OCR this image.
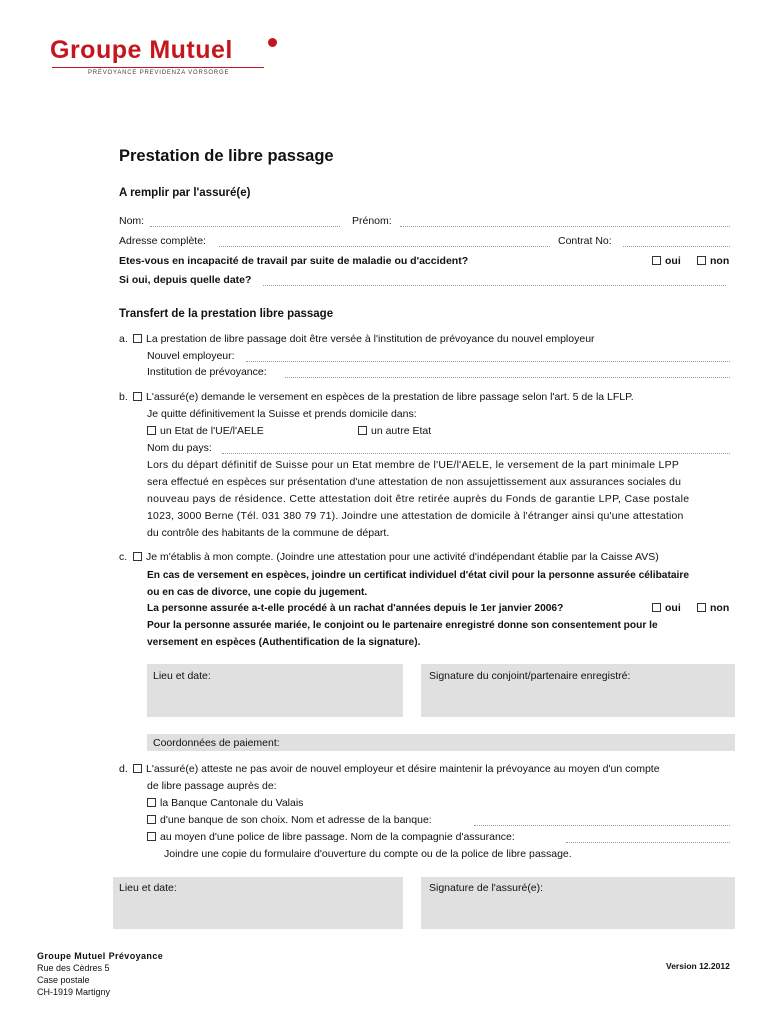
Groupe Mutuel
PRÉVOYANCE PREVIDENZA VORSORGE
Prestation de libre passage
A remplir par l'assuré(e)
Nom:	Prénom:
Adresse complète:	Contrat No:
Etes-vous en incapacité de travail par suite de maladie ou d'accident?	oui	non
Si oui, depuis quelle date?
Transfert de la prestation libre passage
a.	La prestation de libre passage doit être versée à l'institution de prévoyance du nouvel employeur
Nouvel employeur:
Institution de prévoyance:
b.	L'assuré(e) demande le versement en espèces de la prestation de libre passage selon l'art. 5 de la LFLP.
Je quitte définitivement la Suisse et prends domicile dans:
un Etat de l'UE/l'AELE	un autre Etat
Nom du pays:
Lors du départ définitif de Suisse pour un Etat membre de l'UE/l'AELE, le versement de la part minimale LPP
sera effectué en espèces sur présentation d'une attestation de non assujettissement aux assurances sociales du
nouveau pays de résidence. Cette attestation doit être retirée auprès du Fonds de garantie LPP, Case postale
1023, 3000 Berne (Tél. 031 380 79 71). Joindre une attestation de domicile à l'étranger ainsi qu'une attestation
du contrôle des habitants de la commune de départ.
c.	Je m'établis à mon compte. (Joindre une attestation pour une activité d'indépendant établie par la Caisse AVS)
En cas de versement en espèces, joindre un certificat individuel d'état civil pour la personne assurée célibataire
ou en cas de divorce, une copie du jugement.
La personne assurée a-t-elle procédé à un rachat d'années depuis le 1er janvier 2006?	oui	non
Pour la personne assurée mariée, le conjoint ou le partenaire enregistré donne son consentement pour le
versement en espèces (Authentification de la signature).
Lieu et date:	Signature du conjoint/partenaire enregistré:
Coordonnées de paiement:
d.	L'assuré(e) atteste ne pas avoir de nouvel employeur et désire maintenir la prévoyance au moyen d'un compte
de libre passage auprès de:
la Banque Cantonale du Valais
d'une banque de son choix. Nom et adresse de la banque:
au moyen d'une police de libre passage. Nom de la compagnie d'assurance:
Joindre une copie du formulaire d'ouverture du compte ou de la police de libre passage.
Lieu et date:	Signature de l'assuré(e):
Groupe Mutuel Prévoyance
Rue des Cèdres 5
Case postale
CH-1919 Martigny
Version 12.2012
